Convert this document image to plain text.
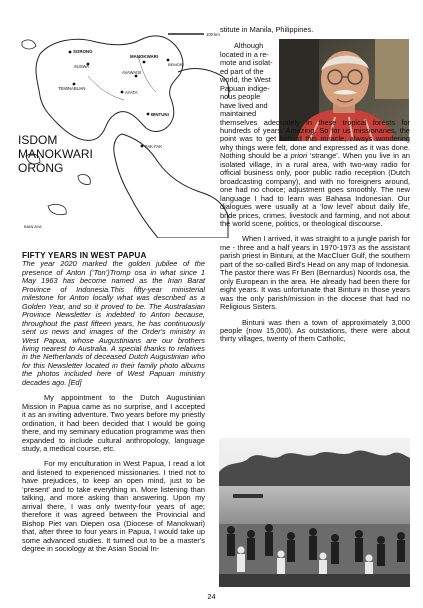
100 km
SORONG
SUSWA
TEMINABUAN
MANOKWARI
BEMORI
AVAWAISI
AYATA
BINTUNI
FAK FAK
BIAN AYA
ISDOM
MANOKWARI
ORONG

FIFTY YEARS IN WEST PAPUA

The year 2020 marked the golden jubilee of the presence of Anton (‘Ton’)Tromp osa in what since 1 May 1963 has become named as the Irian Barat Province of Indonesia.This fifty-year ministerial milestone for Anton locally what was described as a Golden Year, and so it proved to be. The Australasian Province Newsletter is indebted to Anton because, throughout the past fifteen years, he has continuously sent us news and images of the Order's ministry in West Papua, whose Augustinians are our brothers living nearest to Australia. A special thanks to relatives in the Netherlands of deceased Dutch Augustinian who for this Newsletter located in their family photo albums the photos included here of West Papuan ministry decades ago. [Ed]

My appointment to the Dutch Augustinian Mission in Papua came as no surprise, and I accepted it as an inviting adventure. Two years before my priestly ordination, it had been decided that I would be going there, and my seminary education programme was then expanded to include cultural anthropology, language study, a medical course, etc.

For my enculturation in West Papua, I read a lot and listened to experienced missionaries. I tried not to have prejudices, to keep an open mind, just to be ‘present’ and to take everything in. More listening than talking, and more asking than answering. Upon my arrival there, I was only twenty-four years of age; therefore it was agreed between the Provincial and Bishop Piet van Diepen osa (Diocese of Manokwari) that, after three to four years in Papua, I would take up some advanced studies. It turned out to be a master's degree in sociology at the Asian Social In-

stitute in Manila, Philippines.

Although
located in a re-
mote and isolat-
ed part of the
world, the West
Papuan indige-
nous people
have lived and
maintained

themselves adequately in these tropical forests for hundreds of years. Amazing. So for us missionaries, the point was to get behind this miracle, always wondering why things were felt, done and expressed as it was done. Nothing should be a priori ‘strange’. When you live in an isolated village, in a rural area, with two-way radio for official business only, poor public radio reception (Dutch broadcasting company), and with no foreigners around, one had no choice; adjustment goes smoothly. The new language I had to learn was Bahasa Indonesian. Our dialogues were usually at a ‘low level’ about daily life, bride prices, crimes, livestock and farming, and not about the world scene, politics, or theological discourse.

When I arrived, it was straight to a jungle parish for me - three and a half years in 1970-1973 as the assistant parish priest in Bintuni, at the MacCluer Gulf, the southern part of the so-called Bird's Head on any map of Indonesia. The pastor there was Fr Ben (Bernardus) Noords osa, the only European in the area. He already had been there for eight years. It was unfortunate that Bintuni in those years was the only parish/mission in the diocese that had no Religious Sisters.

Bintuni was then a town of approximately 3,000 people (now 15,000). As outstations, there were about thirty villages, twenty of them Catholic,

24
